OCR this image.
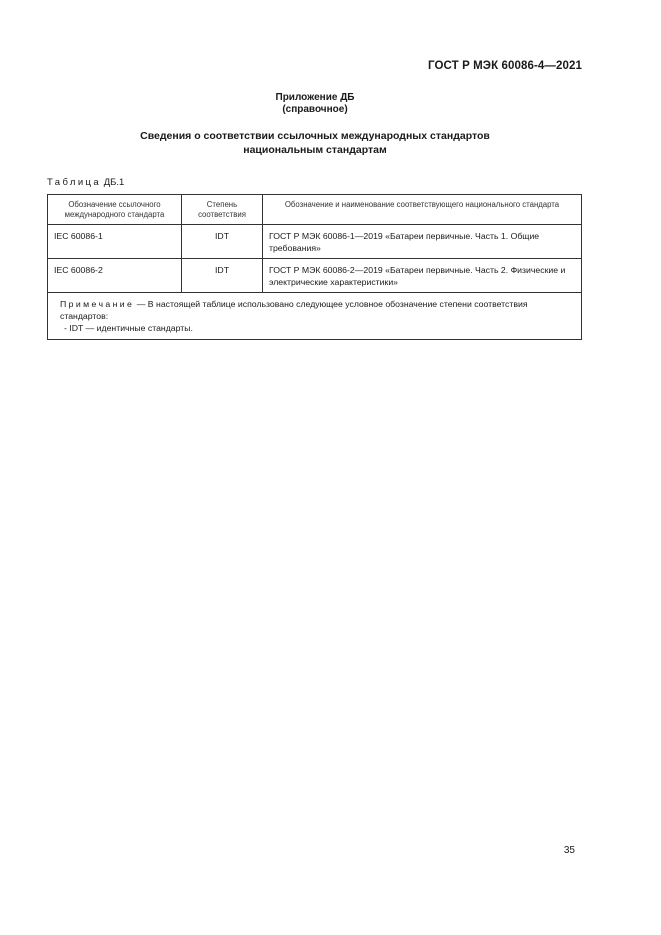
ГОСТ Р МЭК 60086-4—2021
Приложение ДБ
(справочное)
Сведения о соответствии ссылочных международных стандартов
национальным стандартам
Таблица ДБ.1
Обозначение ссылочного международного стандарта	Степень соответствия	Обозначение и наименование соответствующего национального стандарта
IEC 60086-1	IDT	ГОСТ Р МЭК 60086-1—2019 «Батареи первичные. Часть 1. Общие требования»
IEC 60086-2	IDT	ГОСТ Р МЭК 60086-2—2019 «Батареи первичные. Часть 2. Физические и электрические характеристики»
Примечание — В настоящей таблице использовано следующее условное обозначение степени соответствия стандартов:
- IDT — идентичные стандарты.		
35
